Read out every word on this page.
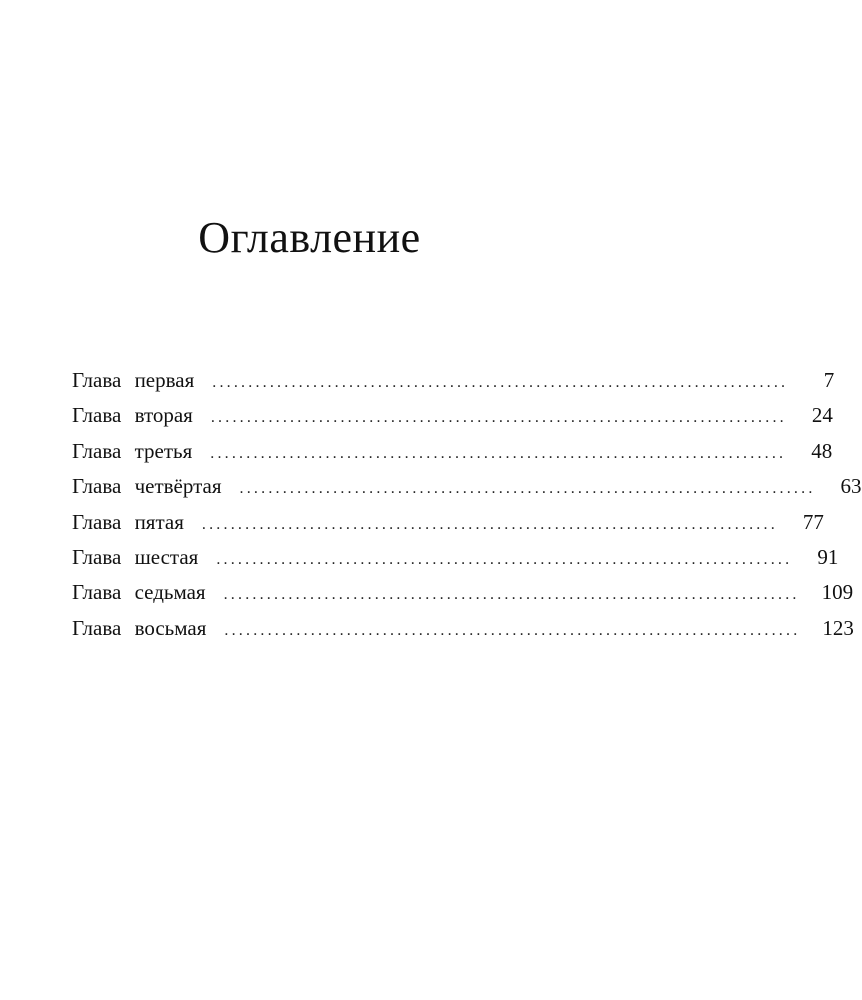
Оглавление
Глава первая ................................................................................	7
Глава вторая ................................................................................ 24
Глава третья ................................................................................ 48
Глава четвёртая ................................................................................ 63
Глава пятая ................................................................................ 77
Глава шестая ................................................................................ 91
Глава седьмая ................................................................................ 109
Глава восьмая ................................................................................ 123
